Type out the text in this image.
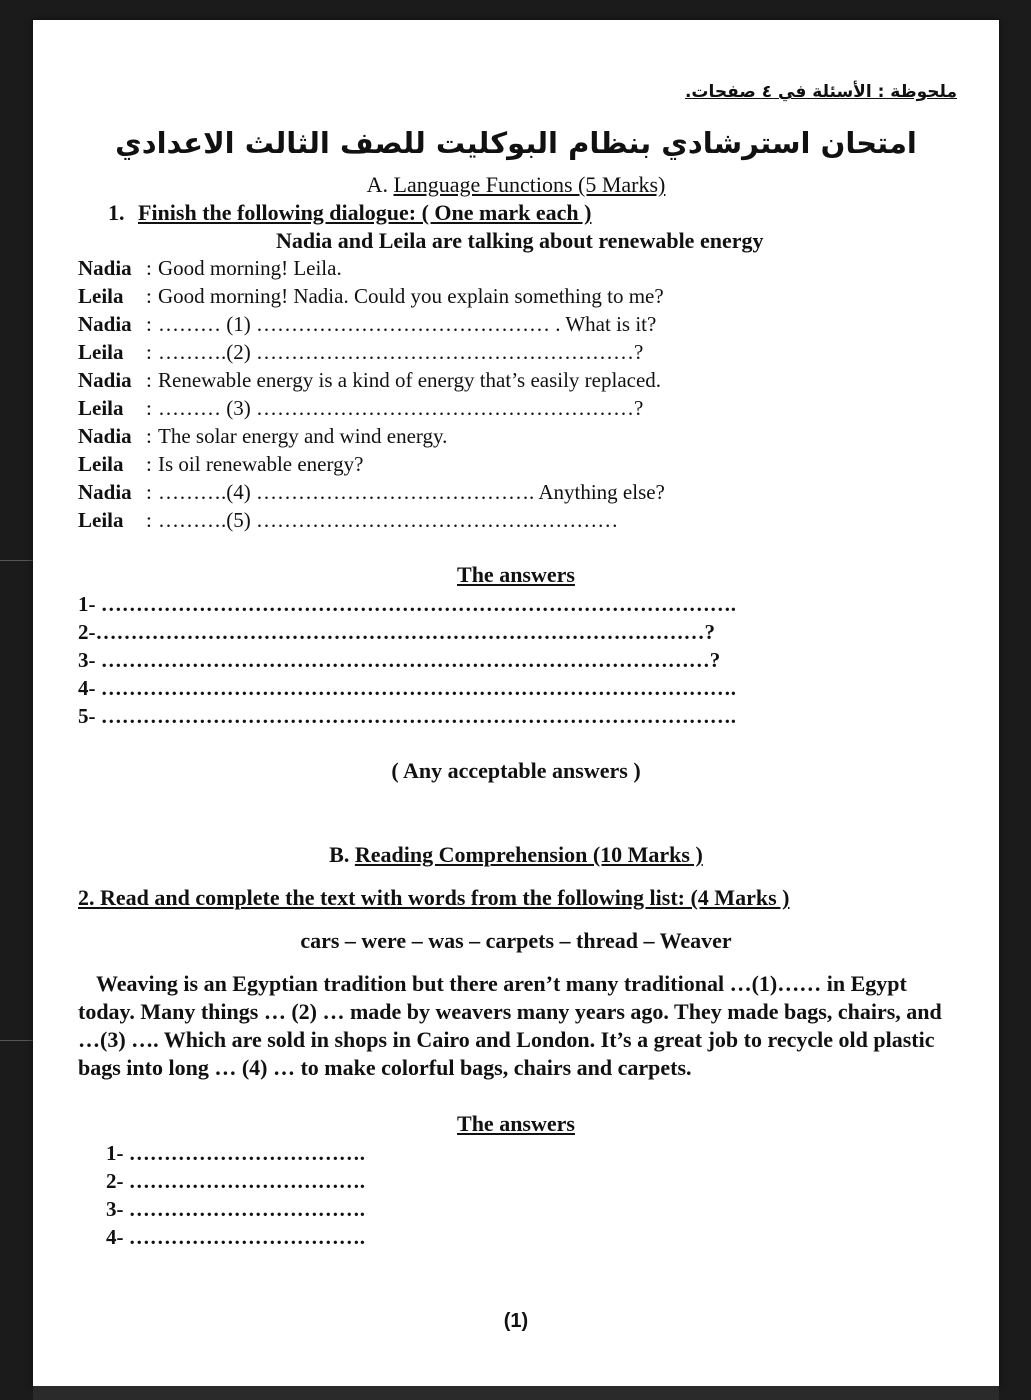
ملحوظة : الأسئلة في ٤ صفحات.
امتحان استرشادي بنظام البوكليت للصف الثالث الاعدادي
A. Language Functions (5 Marks)
1. Finish the following dialogue: ( One mark each )
Nadia and Leila are talking about renewable energy
Nadia : Good morning! Leila.
Leila : Good morning! Nadia. Could you explain something to me?
Nadia : ……… (1) …………………………………… . What is it?
Leila : ……….(2) ………………………………………………?
Nadia : Renewable energy is a kind of energy that’s easily replaced.
Leila : ……… (3) ………………………………………………?
Nadia : The solar energy and wind energy.
Leila : Is oil renewable energy?
Nadia : ……….(4) …………………………………. Anything else?
Leila : ……….(5) ………………………………….…………
The answers
1- ……………………………………………………………………………….
2-……………………………………………………………………………?
3- ……………………………………………………………………………?
4- ……………………………………………………………………………….
5- ……………………………………………………………………………….
( Any acceptable answers )
B. Reading Comprehension (10 Marks )
2. Read and complete the text with words from the following list: (4 Marks )
cars – were – was – carpets – thread – Weaver
Weaving is an Egyptian tradition but there aren’t many traditional …(1)…… in Egypt today. Many things … (2) … made by weavers many years ago. They made bags, chairs, and …(3) …. Which are sold in shops in Cairo and London. It’s a great job to recycle old plastic bags into long … (4) … to make colorful bags, chairs and carpets.
The answers
1- …………………………….
2- …………………………….
3- …………………………….
4- …………………………….
(1)
